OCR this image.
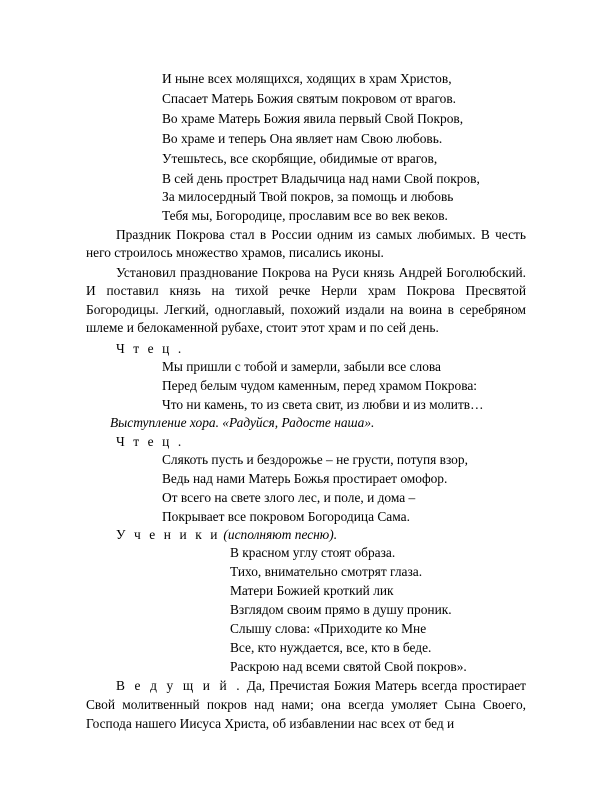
И ныне всех молящихся, ходящих в храм Христов,
Спасает Матерь Божия святым покровом от врагов.
Во храме Матерь Божия явила первый Свой Покров,
Во храме и теперь Она являет нам Свою любовь.
Утешьтесь, все скорбящие, обидимые от врагов,
В сей день прострет Владычица над нами Свой покров,
За милосердный Твой покров, за помощь и любовь
Тебя мы, Богородице, прославим все во век веков.
Праздник Покрова стал в России одним из самых любимых. В честь него строилось множество храмов, писались иконы.
Установил празднование Покрова на Руси князь Андрей Боголюбский. И поставил князь на тихой речке Нерли храм Покрова Пресвятой Богородицы. Легкий, одноглавый, похожий издали на воина в серебряном шлеме и белокаменной рубахе, стоит этот храм и по сей день.
Ч т е ц .
Мы пришли с тобой и замерли, забыли все слова
Перед белым чудом каменным, перед храмом Покрова:
Что ни камень, то из света свит, из любви и из молитв…
Выступление хора. «Радуйся, Радосте наша».
Ч т е ц .
Слякоть пусть и бездорожье – не грусти, потупя взор,
Ведь над нами Матерь Божья простирает омофор.
От всего на свете злого лес, и поле, и дома –
Покрывает все покровом Богородица Сама.
У ч е н и к и (исполняют песню).
В красном углу стоят образа.
Тихо, внимательно смотрят глаза.
Матери Божией кроткий лик
Взглядом своим прямо в душу проник.
Слышу слова: «Приходите ко Мне
Все, кто нуждается, все, кто в беде.
Раскрою над всеми святой Свой покров».
В е д у щ и й . Да, Пречистая Божия Матерь всегда простирает Свой молитвенный покров над нами; она всегда умоляет Сына Своего, Господа нашего Иисуса Христа, об избавлении нас всех от бед и
